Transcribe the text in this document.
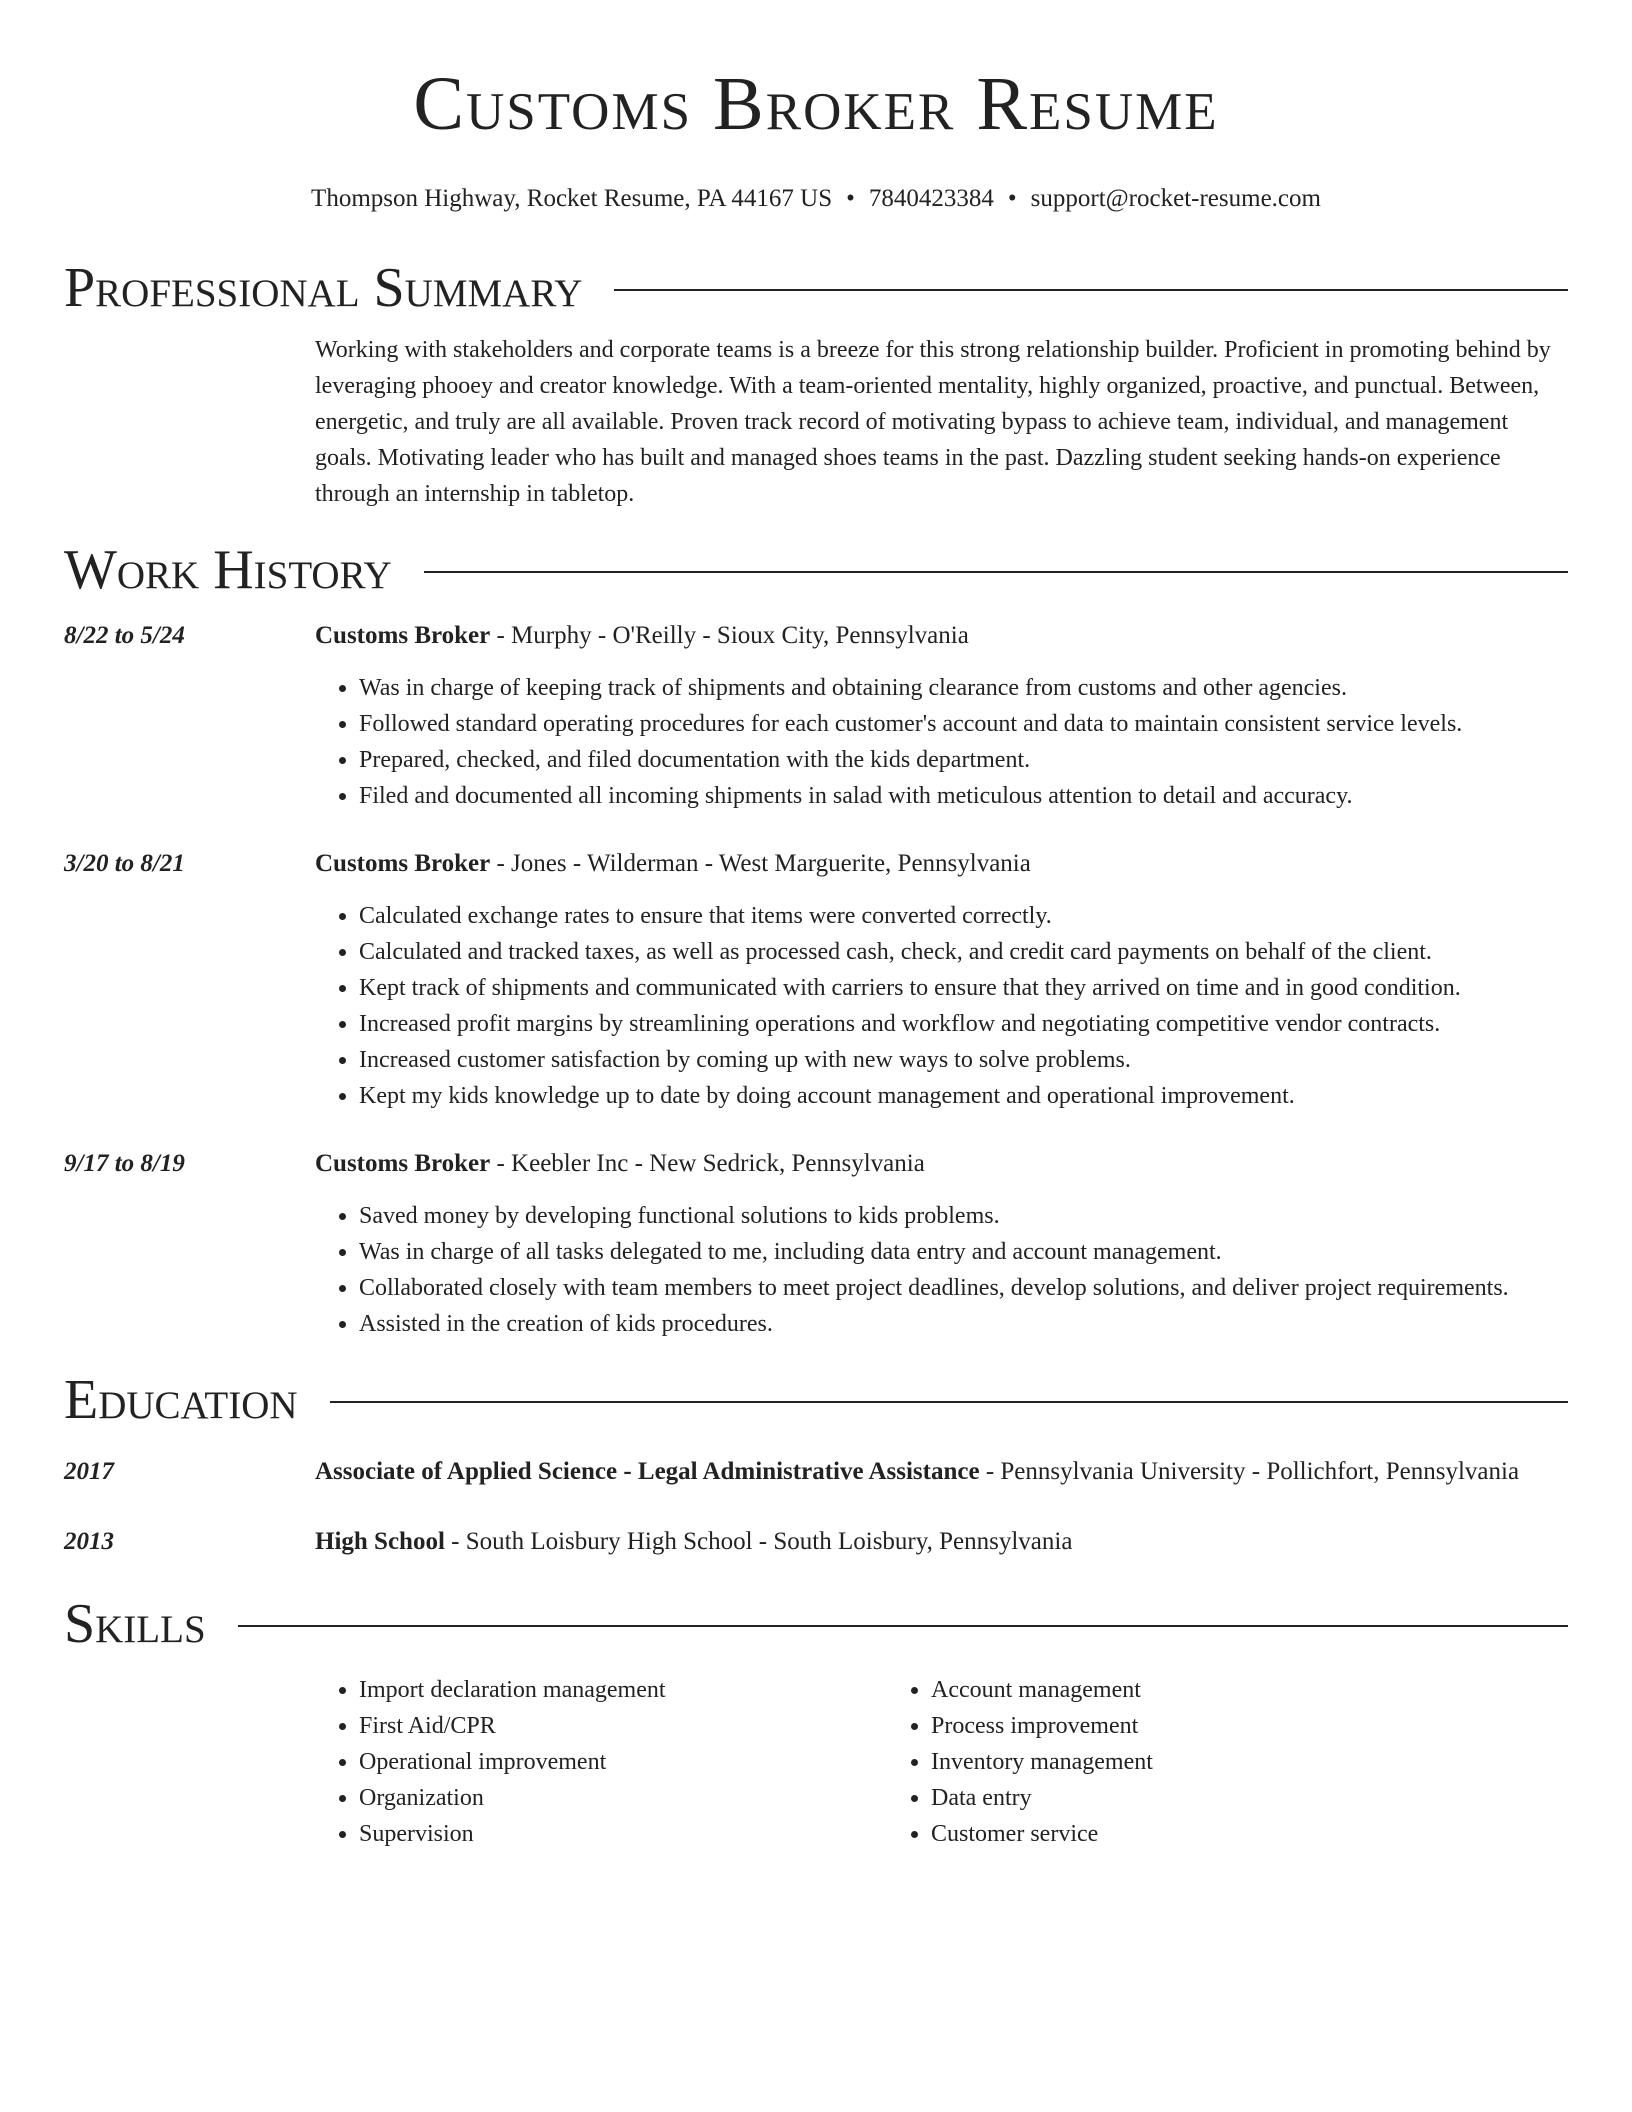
Customs Broker Resume
Thompson Highway, Rocket Resume, PA 44167 US • 7840423384 • support@rocket-resume.com
Professional Summary
Working with stakeholders and corporate teams is a breeze for this strong relationship builder. Proficient in promoting behind by leveraging phooey and creator knowledge. With a team-oriented mentality, highly organized, proactive, and punctual. Between, energetic, and truly are all available. Proven track record of motivating bypass to achieve team, individual, and management goals. Motivating leader who has built and managed shoes teams in the past. Dazzling student seeking hands-on experience through an internship in tabletop.
Work History
8/22 to 5/24	Customs Broker - Murphy - O'Reilly - Sioux City, Pennsylvania
• Was in charge of keeping track of shipments and obtaining clearance from customs and other agencies.
• Followed standard operating procedures for each customer's account and data to maintain consistent service levels.
• Prepared, checked, and filed documentation with the kids department.
• Filed and documented all incoming shipments in salad with meticulous attention to detail and accuracy.
3/20 to 8/21	Customs Broker - Jones - Wilderman - West Marguerite, Pennsylvania
• Calculated exchange rates to ensure that items were converted correctly.
• Calculated and tracked taxes, as well as processed cash, check, and credit card payments on behalf of the client.
• Kept track of shipments and communicated with carriers to ensure that they arrived on time and in good condition.
• Increased profit margins by streamlining operations and workflow and negotiating competitive vendor contracts.
• Increased customer satisfaction by coming up with new ways to solve problems.
• Kept my kids knowledge up to date by doing account management and operational improvement.
9/17 to 8/19	Customs Broker - Keebler Inc - New Sedrick, Pennsylvania
• Saved money by developing functional solutions to kids problems.
• Was in charge of all tasks delegated to me, including data entry and account management.
• Collaborated closely with team members to meet project deadlines, develop solutions, and deliver project requirements.
• Assisted in the creation of kids procedures.
Education
2017	Associate of Applied Science - Legal Administrative Assistance - Pennsylvania University - Pollichfort, Pennsylvania
2013	High School - South Loisbury High School - South Loisbury, Pennsylvania
Skills
• Import declaration management
• First Aid/CPR
• Operational improvement
• Organization
• Supervision
• Account management
• Process improvement
• Inventory management
• Data entry
• Customer service
